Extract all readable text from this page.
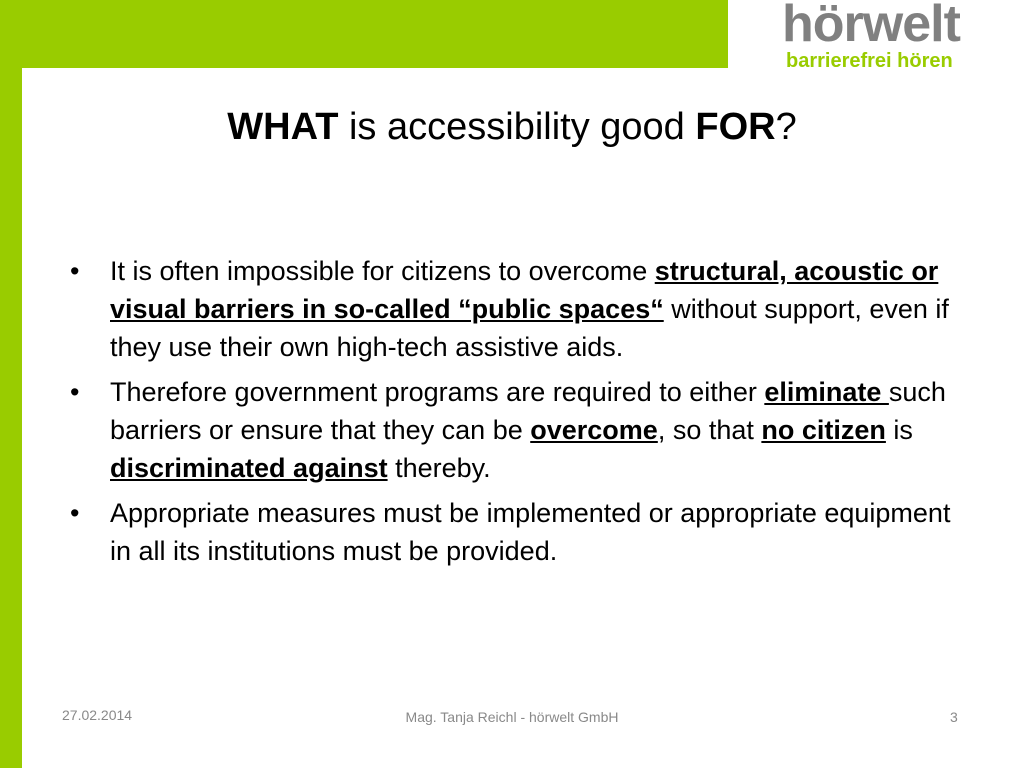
hörwelt
barrierefrei hören
WHAT is accessibility good FOR?
• It is often impossible for citizens to overcome structural, acoustic or visual barriers in so-called “public spaces“ without support, even if they use their own high-tech assistive aids.
• Therefore government programs are required to either eliminate such barriers or ensure that they can be overcome, so that no citizen is discriminated against thereby.
• Appropriate measures must be implemented or appropriate equipment in all its institutions must be provided.
27.02.2014	Mag. Tanja Reichl - hörwelt GmbH	3
